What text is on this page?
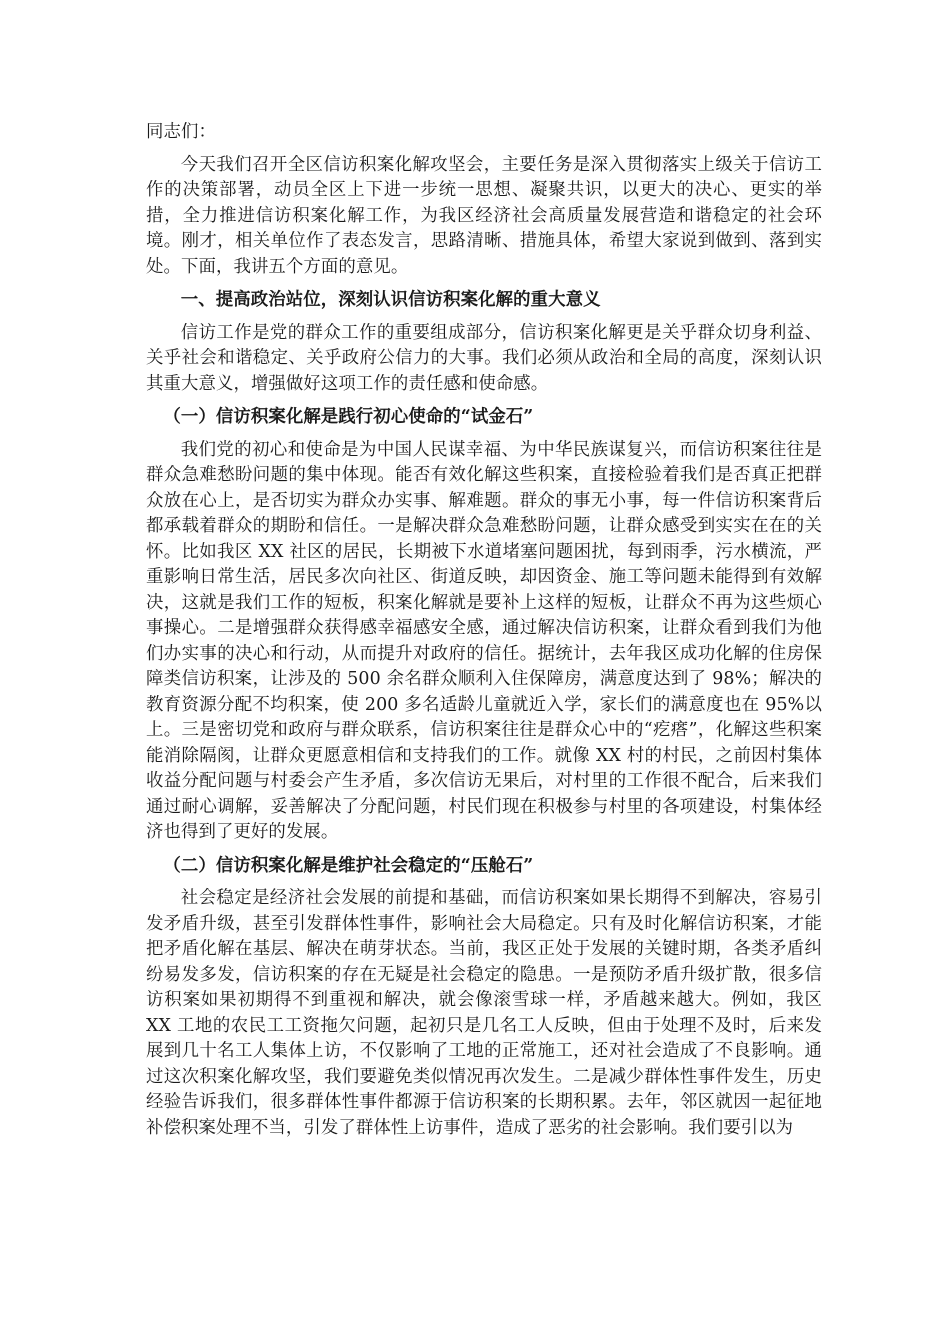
同志们：

今天我们召开全区信访积案化解攻坚会，主要任务是深入贯彻落实上级关于信访工作的决策部署，动员全区上下进一步统一思想、凝聚共识，以更大的决心、更实的举措，全力推进信访积案化解工作，为我区经济社会高质量发展营造和谐稳定的社会环境。刚才，相关单位作了表态发言，思路清晰、措施具体，希望大家说到做到、落到实处。下面，我讲五个方面的意见。

一、提高政治站位，深刻认识信访积案化解的重大意义

信访工作是党的群众工作的重要组成部分，信访积案化解更是关乎群众切身利益、关乎社会和谐稳定、关乎政府公信力的大事。我们必须从政治和全局的高度，深刻认识其重大意义，增强做好这项工作的责任感和使命感。

（一）信访积案化解是践行初心使命的“试金石”

我们党的初心和使命是为中国人民谋幸福、为中华民族谋复兴，而信访积案往往是群众急难愁盼问题的集中体现。能否有效化解这些积案，直接检验着我们是否真正把群众放在心上，是否切实为群众办实事、解难题。群众的事无小事，每一件信访积案背后都承载着群众的期盼和信任。一是解决群众急难愁盼问题，让群众感受到实实在在的关怀。比如我区 XX 社区的居民，长期被下水道堵塞问题困扰，每到雨季，污水横流，严重影响日常生活，居民多次向社区、街道反映，却因资金、施工等问题未能得到有效解决，这就是我们工作的短板，积案化解就是要补上这样的短板，让群众不再为这些烦心事操心。二是增强群众获得感幸福感安全感，通过解决信访积案，让群众看到我们为他们办实事的决心和行动，从而提升对政府的信任。据统计，去年我区成功化解的住房保障类信访积案，让涉及的 500 余名群众顺利入住保障房，满意度达到了 98%；解决的教育资源分配不均积案，使 200 多名适龄儿童就近入学，家长们的满意度也在 95%以上。三是密切党和政府与群众联系，信访积案往往是群众心中的“疙瘩”，化解这些积案能消除隔阂，让群众更愿意相信和支持我们的工作。就像 XX 村的村民，之前因村集体收益分配问题与村委会产生矛盾，多次信访无果后，对村里的工作很不配合，后来我们通过耐心调解，妥善解决了分配问题，村民们现在积极参与村里的各项建设，村集体经济也得到了更好的发展。

（二）信访积案化解是维护社会稳定的“压舱石”

社会稳定是经济社会发展的前提和基础，而信访积案如果长期得不到解决，容易引发矛盾升级，甚至引发群体性事件，影响社会大局稳定。只有及时化解信访积案，才能把矛盾化解在基层、解决在萌芽状态。当前，我区正处于发展的关键时期，各类矛盾纠纷易发多发，信访积案的存在无疑是社会稳定的隐患。一是预防矛盾升级扩散，很多信访积案如果初期得不到重视和解决，就会像滚雪球一样，矛盾越来越大。例如，我区 XX 工地的农民工工资拖欠问题，起初只是几名工人反映，但由于处理不及时，后来发展到几十名工人集体上访，不仅影响了工地的正常施工，还对社会造成了不良影响。通过这次积案化解攻坚，我们要避免类似情况再次发生。二是减少群体性事件发生，历史经验告诉我们，很多群体性事件都源于信访积案的长期积累。去年，邻区就因一起征地补偿积案处理不当，引发了群体性上访事件，造成了恶劣的社会影响。我们要引以为
